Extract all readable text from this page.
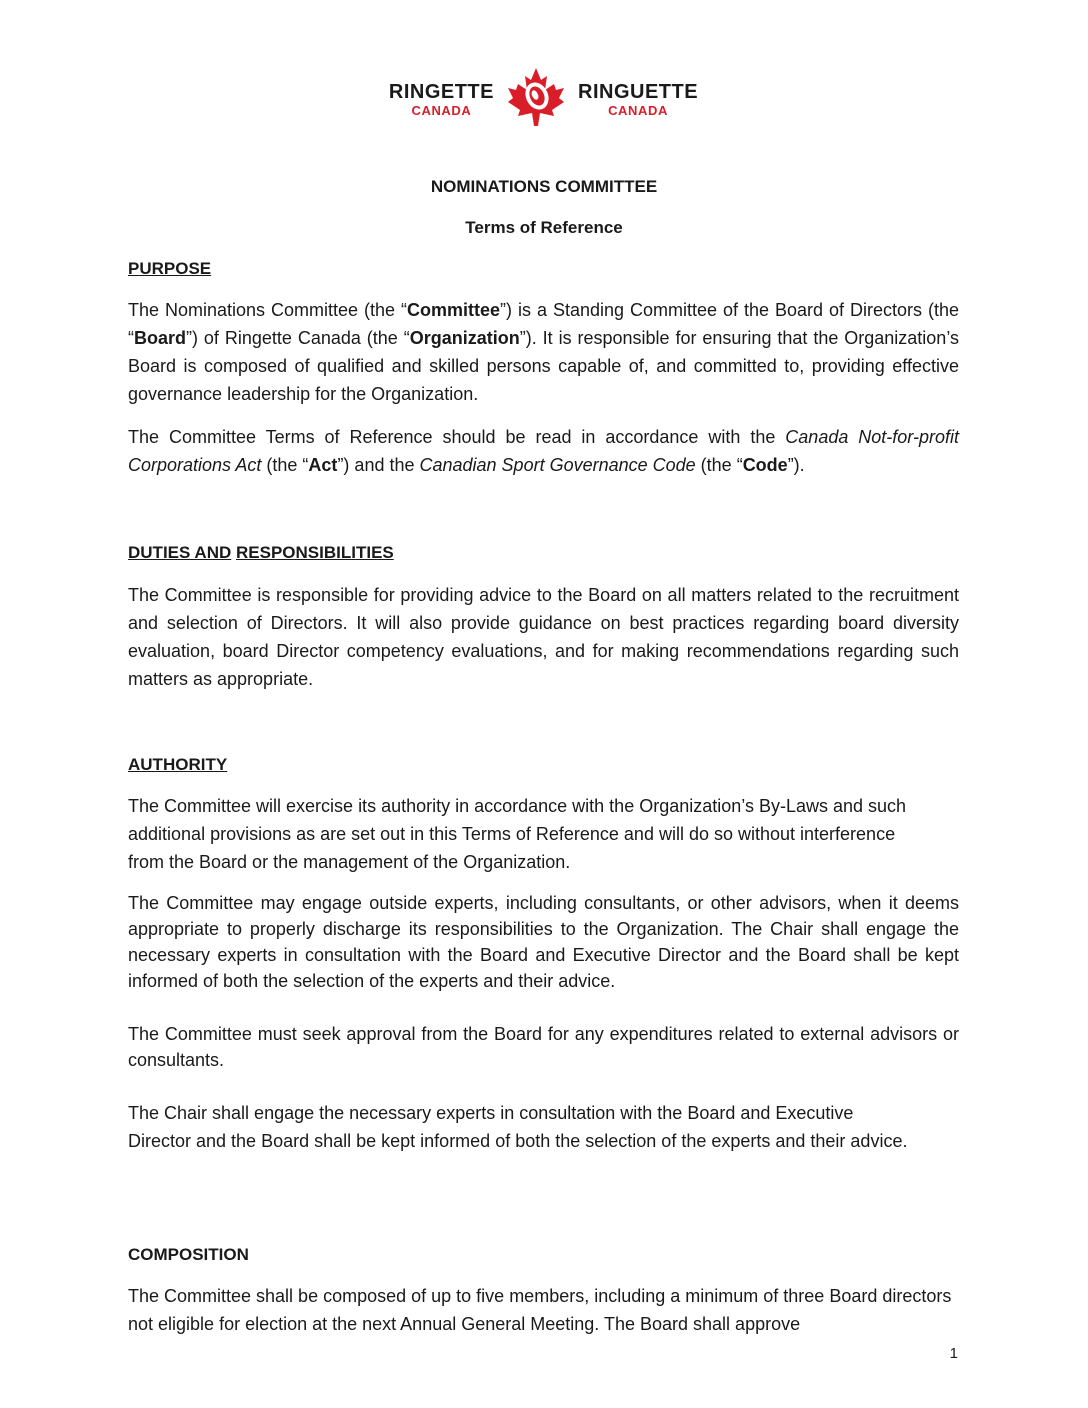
RINGETTE
CANADA
RINGUETTE
CANADA

NOMINATIONS COMMITTEE

Terms of Reference

PURPOSE

The Nominations Committee (the “Committee”) is a Standing Committee of the Board of Directors (the “Board”) of Ringette Canada (the “Organization”). It is responsible for ensuring that the Organization’s Board is composed of qualified and skilled persons capable of, and committed to, providing effective governance leadership for the Organization.

The Committee Terms of Reference should be read in accordance with the Canada Not-for-profit Corporations Act (the “Act”) and the Canadian Sport Governance Code (the “Code”).

DUTIES AND RESPONSIBILITIES

The Committee is responsible for providing advice to the Board on all matters related to the recruitment and selection of Directors. It will also provide guidance on best practices regarding board diversity evaluation, board Director competency evaluations, and for making recommendations regarding such matters as appropriate.

AUTHORITY

The Committee will exercise its authority in accordance with the Organization’s By-Laws and such additional provisions as are set out in this Terms of Reference and will do so without interference from the Board or the management of the Organization.

The Committee may engage outside experts, including consultants, or other advisors, when it deems appropriate to properly discharge its responsibilities to the Organization. The Chair shall engage the necessary experts in consultation with the Board and Executive Director and the Board shall be kept informed of both the selection of the experts and their advice.

The Committee must seek approval from the Board for any expenditures related to external advisors or consultants.

The Chair shall engage the necessary experts in consultation with the Board and Executive Director and the Board shall be kept informed of both the selection of the experts and their advice.

COMPOSITION

The Committee shall be composed of up to five members, including a minimum of three Board directors not eligible for election at the next Annual General Meeting. The Board shall approve

1
